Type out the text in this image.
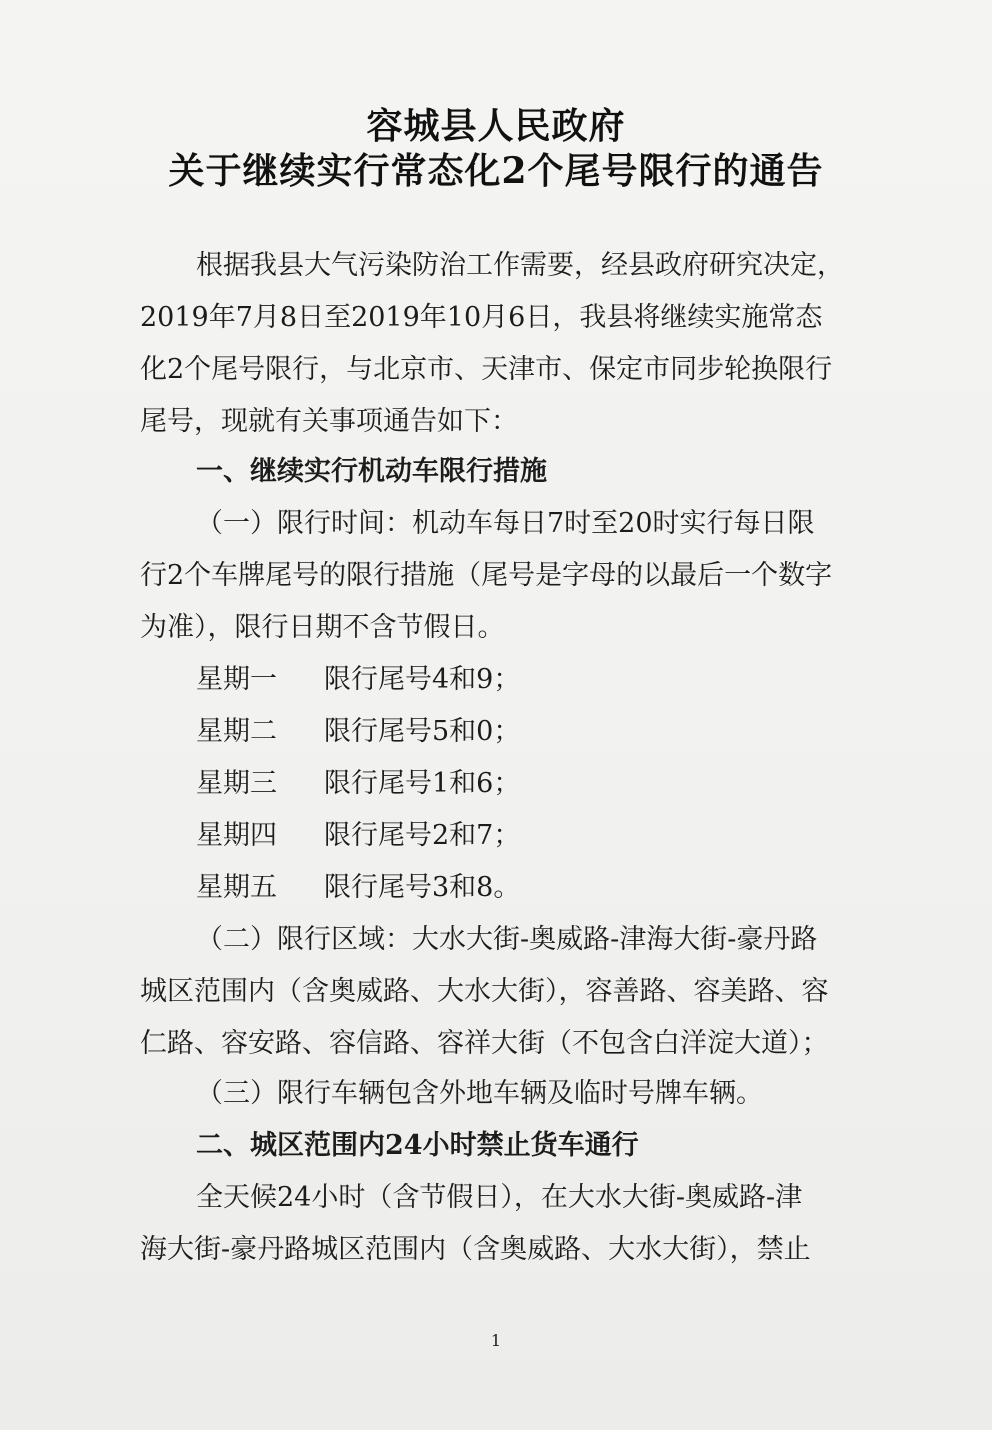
容城县人民政府
关于继续实行常态化2个尾号限行的通告
根据我县大气污染防治工作需要，经县政府研究决定，
2019年7月8日至2019年10月6日，我县将继续实施常态
化2个尾号限行，与北京市、天津市、保定市同步轮换限行
尾号，现就有关事项通告如下：
一、继续实行机动车限行措施
（一）限行时间：机动车每日7时至20时实行每日限
行2个车牌尾号的限行措施（尾号是字母的以最后一个数字
为准），限行日期不含节假日。
星期一 限行尾号4和9；
星期二 限行尾号5和0；
星期三 限行尾号1和6；
星期四 限行尾号2和7；
星期五 限行尾号3和8。
（二）限行区域：大水大街-奥威路-津海大街-豪丹路
城区范围内（含奥威路、大水大街），容善路、容美路、容
仁路、容安路、容信路、容祥大街（不包含白洋淀大道）；
（三）限行车辆包含外地车辆及临时号牌车辆。
二、城区范围内24小时禁止货车通行
全天候24小时（含节假日），在大水大街-奥威路-津
海大街-豪丹路城区范围内（含奥威路、大水大街），禁止
1
